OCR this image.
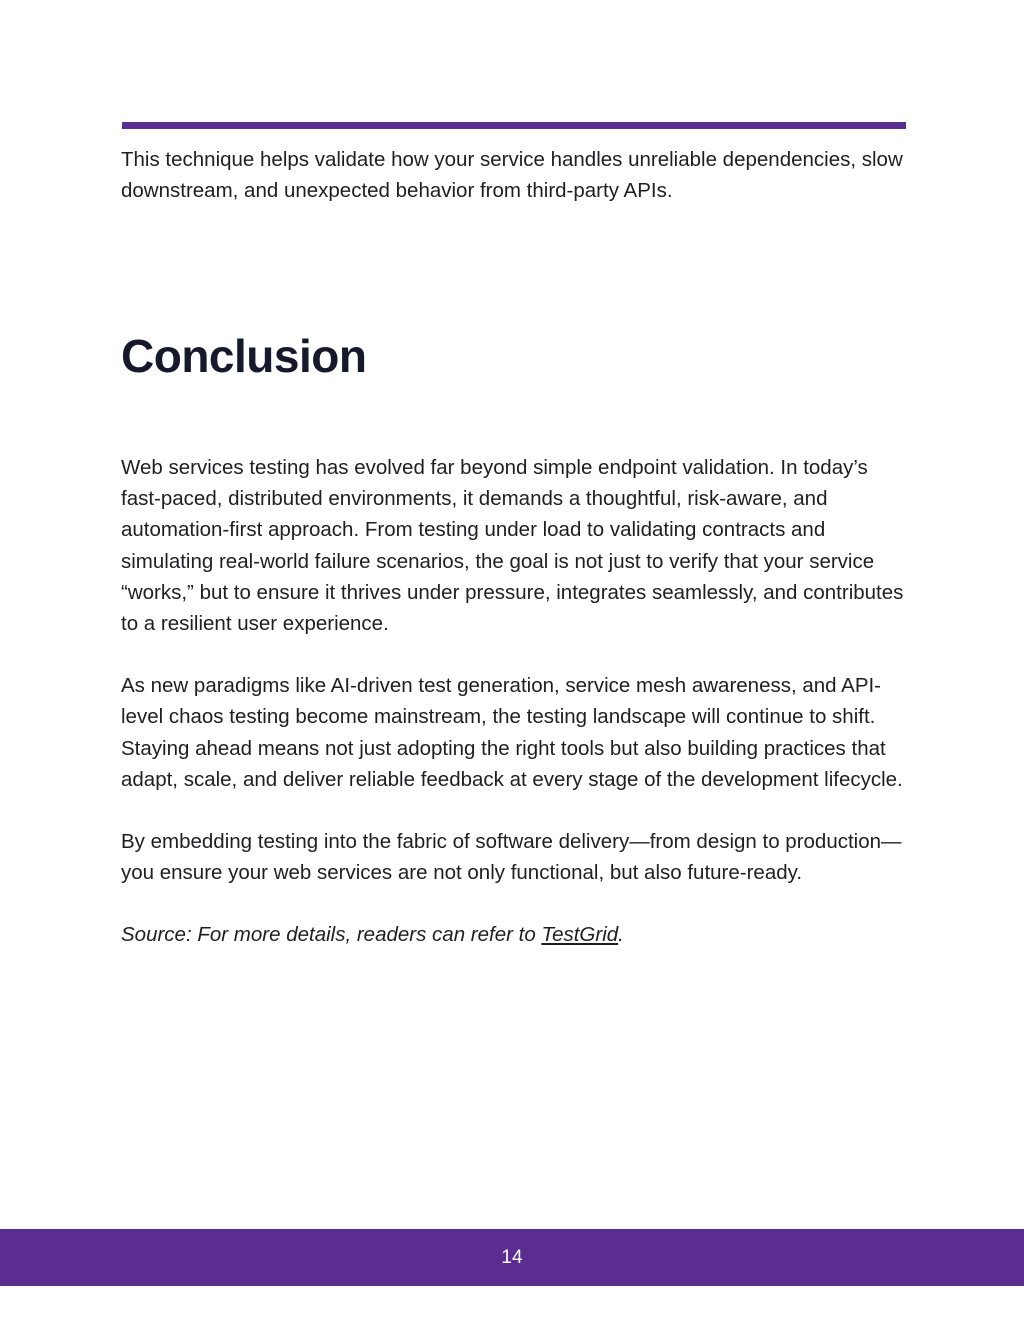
This technique helps validate how your service handles unreliable dependencies, slow downstream, and unexpected behavior from third-party APIs.

Conclusion

Web services testing has evolved far beyond simple endpoint validation. In today’s fast-paced, distributed environments, it demands a thoughtful, risk-aware, and automation-first approach. From testing under load to validating contracts and simulating real-world failure scenarios, the goal is not just to verify that your service “works,” but to ensure it thrives under pressure, integrates seamlessly, and contributes to a resilient user experience.

As new paradigms like AI-driven test generation, service mesh awareness, and API-level chaos testing become mainstream, the testing landscape will continue to shift. Staying ahead means not just adopting the right tools but also building practices that adapt, scale, and deliver reliable feedback at every stage of the development lifecycle.

By embedding testing into the fabric of software delivery—from design to production—you ensure your web services are not only functional, but also future-ready.

Source: For more details, readers can refer to TestGrid.

14
